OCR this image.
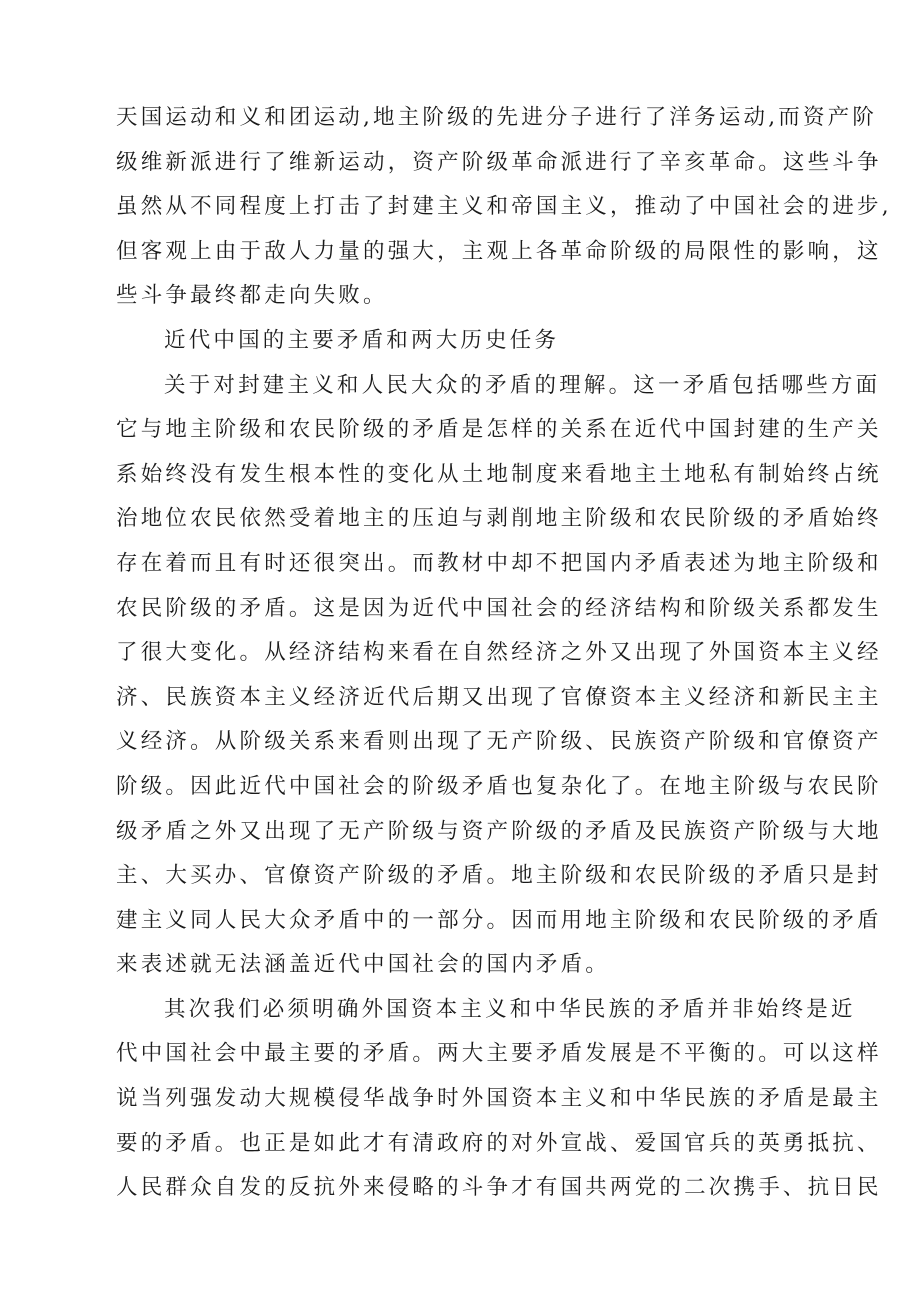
天国运动和义和团运动,地主阶级的先进分子进行了洋务运动,而资产阶
级维新派进行了维新运动，资产阶级革命派进行了辛亥革命。这些斗争
虽然从不同程度上打击了封建主义和帝国主义，推动了中国社会的进步,
但客观上由于敌人力量的强大，主观上各革命阶级的局限性的影响，这
些斗争最终都走向失败。
近代中国的主要矛盾和两大历史任务
关于对封建主义和人民大众的矛盾的理解。这一矛盾包括哪些方面
它与地主阶级和农民阶级的矛盾是怎样的关系在近代中国封建的生产关
系始终没有发生根本性的变化从土地制度来看地主土地私有制始终占统
治地位农民依然受着地主的压迫与剥削地主阶级和农民阶级的矛盾始终
存在着而且有时还很突出。而教材中却不把国内矛盾表述为地主阶级和
农民阶级的矛盾。这是因为近代中国社会的经济结构和阶级关系都发生
了很大变化。从经济结构来看在自然经济之外又出现了外国资本主义经
济、民族资本主义经济近代后期又出现了官僚资本主义经济和新民主主
义经济。从阶级关系来看则出现了无产阶级、民族资产阶级和官僚资产
阶级。因此近代中国社会的阶级矛盾也复杂化了。在地主阶级与农民阶
级矛盾之外又出现了无产阶级与资产阶级的矛盾及民族资产阶级与大地
主、大买办、官僚资产阶级的矛盾。地主阶级和农民阶级的矛盾只是封
建主义同人民大众矛盾中的一部分。因而用地主阶级和农民阶级的矛盾
来表述就无法涵盖近代中国社会的国内矛盾。
其次我们必须明确外国资本主义和中华民族的矛盾并非始终是近
代中国社会中最主要的矛盾。两大主要矛盾发展是不平衡的。可以这样
说当列强发动大规模侵华战争时外国资本主义和中华民族的矛盾是最主
要的矛盾。也正是如此才有清政府的对外宣战、爱国官兵的英勇抵抗、
人民群众自发的反抗外来侵略的斗争才有国共两党的二次携手、抗日民
